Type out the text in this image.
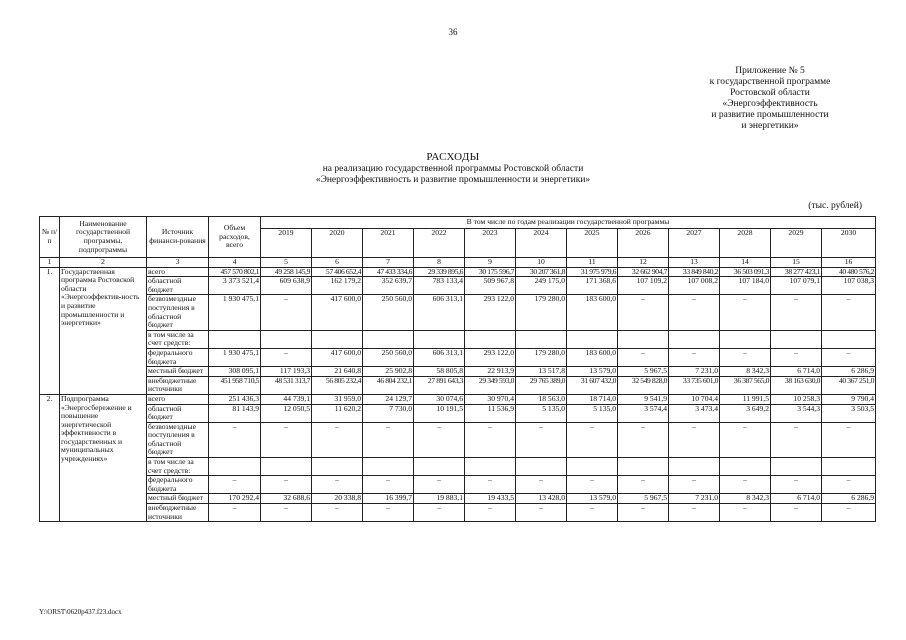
36
Приложение № 5
к государственной программе
Ростовской области
«Энергоэффективность
и развитие промышленности
и энергетики»
РАСХОДЫ
на реализацию государственной программы Ростовской области
«Энергоэффективность и развитие промышленности и энергетики»
(тыс. рублей)
№ п/п	Наименование государственной программы, подпрограммы	Источник финанси-рования	Объем расходов, всего	В том числе по годам реализации государственной программы											
				2019	2020	2021	2022	2023	2024	2025	2026	2027	2028	2029	2030
1	2	3	4	5	6	7	8	9	10	11	12	13	14	15	16
1.	Государственная программа Ростовской области «Энергоэффектив-ность и развитие промышленности и энергетики»	всего	457 570 802,1	49 258 145,9	57 406 652,4	47 433 334,6	29 339 895,6	30 175 596,7	30 207 361,8	31 975 979,6	32 662 904,7	33 849 840,2	36 503 091,3	38 277 423,1	40 480 576,2
		областной бюджет	3 373 521,4	609 638,9	162 179,2	352 639,7	783 133,4	509 967,8	249 175,0	171 368,6	107 109,2	107 008,2	107 184,0	107 079,1	107 038,3
		безвозмездные поступления в областной бюджет	1 930 475,1	–	417 600,0	250 560,0	606 313,1	293 122,0	179 280,0	183 600,0	–	–	–	–	–
		в том числе за счет средств:													
		федерального бюджета	1 930 475,1	–	417 600,0	250 560,0	606 313,1	293 122,0	179 280,0	183 600,0	–	–	–	–	–
		местный бюджет	308 095,1	117 193,3	21 640,8	25 902,8	58 805,8	22 913,9	13 517,8	13 579,0	5 967,5	7 231,0	8 342,3	6 714,0	6 286,9
		внебюджетные источники	451 958 710,5	48 531 313,7	56 805 232,4	46 804 232,1	27 891 643,3	29 349 593,0	29 765 389,0	31 607 432,0	32 549 828,0	33 735 601,0	36 387 565,0	38 163 630,0	40 367 251,0
2.	Подпрограмма «Энергосбережение и повышение энергетической эффективности в государственных и муниципальных учреждениях»	всего	251 436,3	44 739,1	31 959,0	24 129,7	30 074,6	30 970,4	18 563,0	18 714,0	9 541,9	10 704,4	11 991,5	10 258,3	9 790,4
		областной бюджет	81 143,9	12 050,5	11 620,2	7 730,0	10 191,5	11 536,9	5 135,0	5 135,0	3 574,4	3 473,4	3 649,2	3 544,3	3 503,5
		безвозмездные поступления в областной бюджет	–	–	–	–	–	–	–	–	–	–	–	–	–
		в том числе за счет средств:													
		федерального бюджета	–	–	–	–	–	–	–	–	–	–	–	–	–
		местный бюджет	170 292,4	32 688,6	20 338,8	16 399,7	19 883,1	19 433,5	13 428,0	13 579,0	5 967,5	7 231,0	8 342,3	6 714,0	6 286,9
		внебюджетные источники	–	–	–	–	–	–	–	–	–	–	–	–	–
Y:\ORST\0620p437.f23.docx
